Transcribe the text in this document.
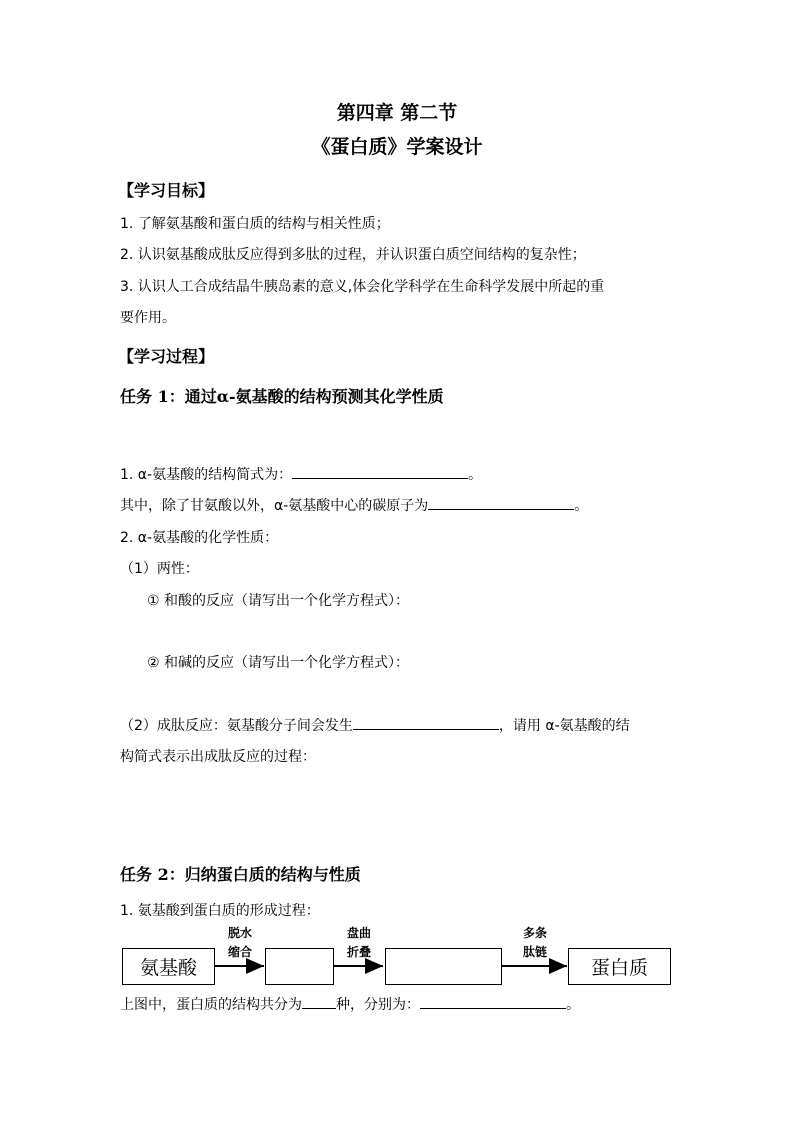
第四章 第二节
《蛋白质》学案设计
【学习目标】
1. 了解氨基酸和蛋白质的结构与相关性质；
2. 认识氨基酸成肽反应得到多肽的过程，并认识蛋白质空间结构的复杂性；
3. 认识人工合成结晶牛胰岛素的意义,体会化学科学在生命科学发展中所起的重
要作用。
【学习过程】
任务 1：通过α-氨基酸的结构预测其化学性质
1. α-氨基酸的结构简式为：	。
其中，除了甘氨酸以外，α-氨基酸中心的碳原子为	。
2. α-氨基酸的化学性质：
（1）两性：
① 和酸的反应（请写出一个化学方程式）：
② 和碱的反应（请写出一个化学方程式）：
（2）成肽反应：氨基酸分子间会发生	，请用 α-氨基酸的结
构简式表示出成肽反应的过程：
任务 2：归纳蛋白质的结构与性质
1. 氨基酸到蛋白质的形成过程：
氨基酸	蛋白质
脱水
缩合
盘曲
折叠
多条
肽链
上图中，蛋白质的结构共分为 种，分别为：	。
